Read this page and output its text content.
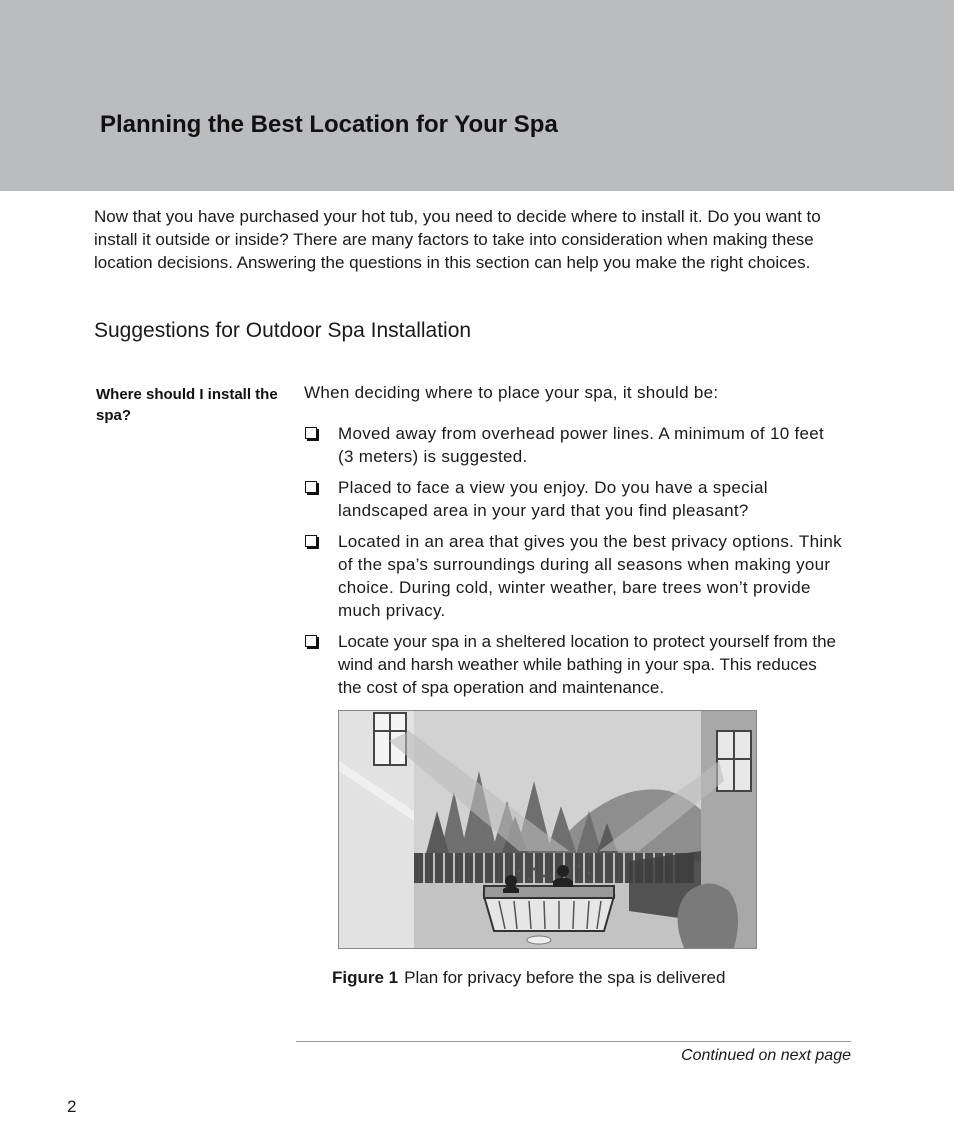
Planning the Best Location for Your Spa

Now that you have purchased your hot tub, you need to decide where to install it. Do you want to install it outside or inside? There are many factors to take into consideration when making these location decisions. Answering the questions in this section can help you make the right choices.

Suggestions for Outdoor Spa Installation

Where should I install the spa?

When deciding where to place your spa, it should be:

Moved away from overhead power lines. A minimum of 10 feet (3 meters) is suggested.
Placed to face a view you enjoy. Do you have a special landscaped area in your yard that you find pleasant?
Located in an area that gives you the best privacy options. Think of the spa’s surroundings during all seasons when making your choice. During cold, winter weather, bare trees won’t provide much privacy.
Locate your spa in a sheltered location to protect yourself from the wind and harsh weather while bathing in your spa. This reduces the cost of spa operation and maintenance.

Figure 1 Plan for privacy before the spa is delivered

Continued on next page

2
